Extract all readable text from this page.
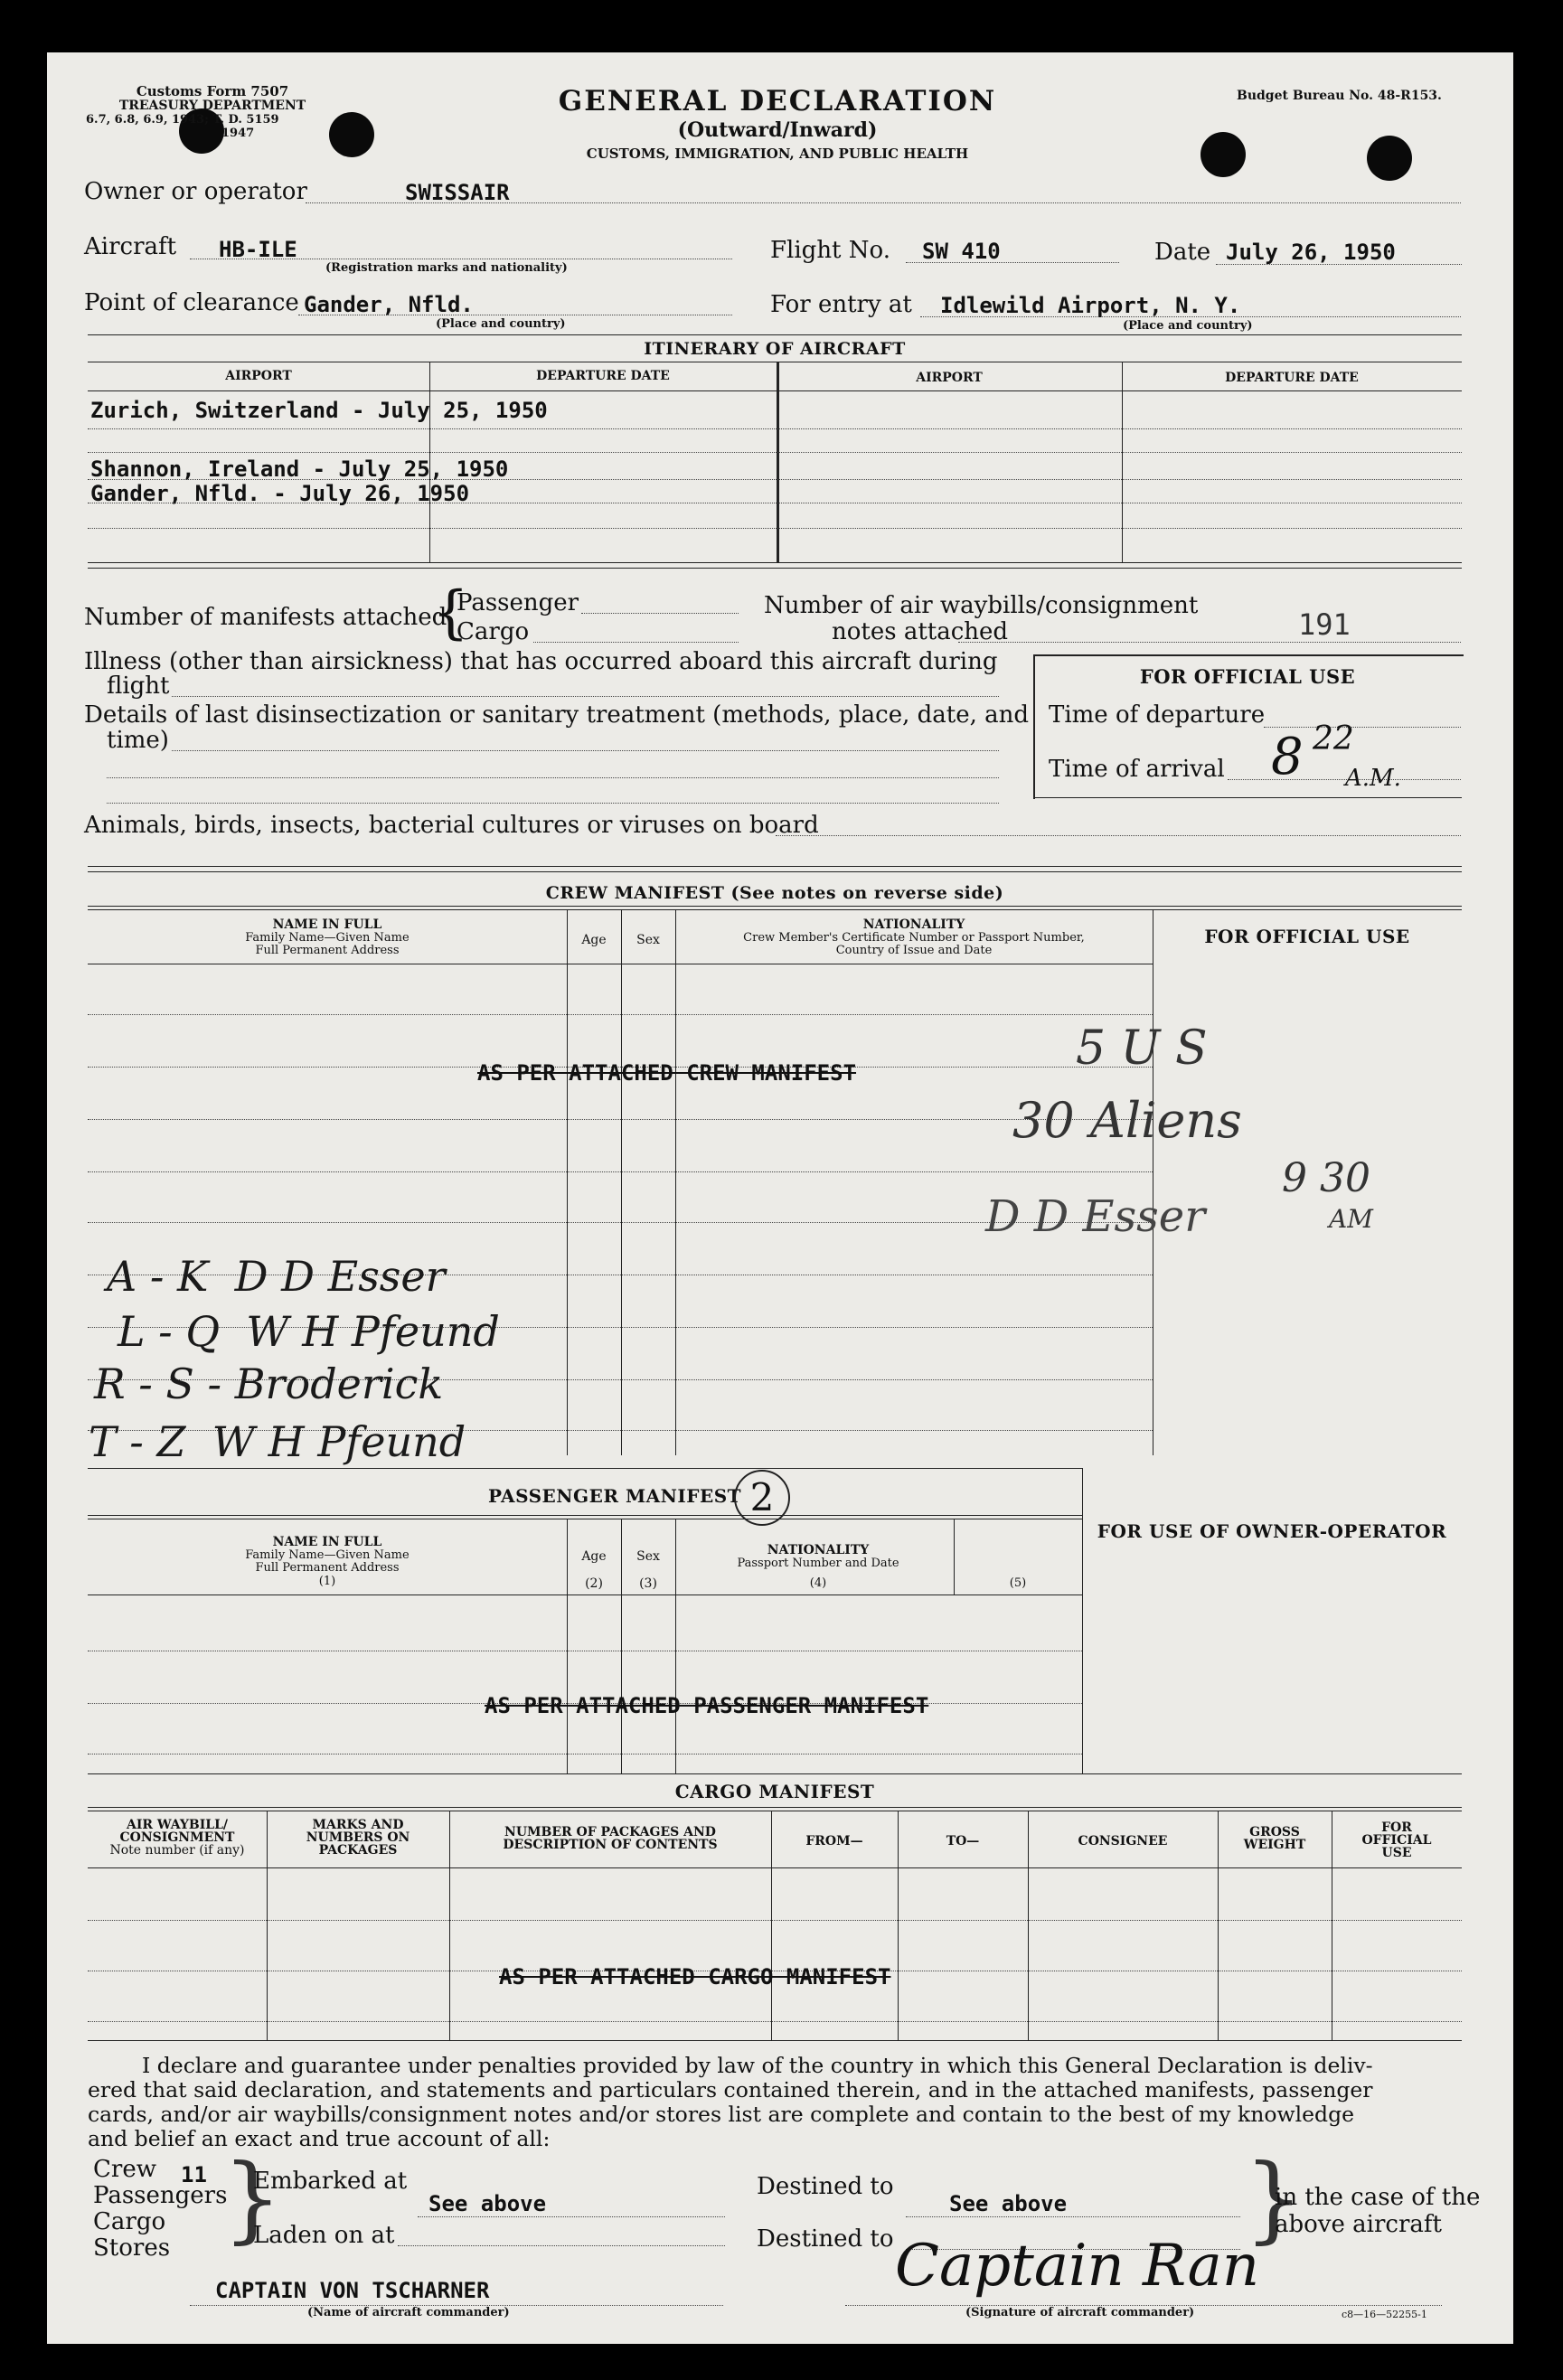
Customs Form 7507
TREASURY DEPARTMENT
6.7, 6.8, 6.9, 1943; T. D. 5159
1947
GENERAL DECLARATION
(Outward/Inward)
CUSTOMS, IMMIGRATION, AND PUBLIC HEALTH
Budget Bureau No. 48-R153.
Owner or operator	SWISSAIR
Aircraft HB-ILE
(Registration marks and nationality)
Flight No. SW 410	Date July 26, 1950
Point of clearance Gander, Nfld.
(Place and country)
For entry at Idlewild Airport, N. Y.
(Place and country)
ITINERARY OF AIRCRAFT
AIRPORT	DEPARTURE DATE	AIRPORT	DEPARTURE DATE
Zurich, Switzerland - July 25, 1950
Shannon, Ireland - July 25, 1950
Gander, Nfld. - July 26, 1950
Number of manifests attached
{
Passenger
Cargo
Number of air waybills/consignment
notes attached	191
Illness (other than airsickness) that has occurred aboard this aircraft during
flight
Details of last disinsectization or sanitary treatment (methods, place, date, and
time)
Animals, birds, insects, bacterial cultures or viruses on board
FOR OFFICIAL USE
Time of departure
Time of arrival 8 22
A.M.
CREW MANIFEST (See notes on reverse side)
NAME IN FULL
Family Name—Given Name
Full Permanent Address
Age	Sex
NATIONALITY
Crew Member's Certificate Number or Passport Number,
Country of Issue and Date
FOR OFFICIAL USE
AS PER ATTACHED CREW MANIFEST	5 U S
30 Aliens
D D Esser
9 30
AM
A - K  D D Esser
L - Q  W H Pfeund
R - S - Broderick
T - Z  W H Pfeund
PASSENGER MANIFEST 2
FOR USE OF OWNER-OPERATOR
NAME IN FULL
Family Name—Given Name
Full Permanent Address
(1)
Age
(2)
Sex
(3)
NATIONALITY
Passport Number and Date
(4)	(5)
AS PER ATTACHED PASSENGER MANIFEST
CARGO MANIFEST
AIR WAYBILL/
CONSIGNMENT
Note number (if any)
MARKS AND
NUMBERS ON
PACKAGES
NUMBER OF PACKAGES AND
DESCRIPTION OF CONTENTS	FROM—	TO—	CONSIGNEE
GROSS
WEIGHT
FOR
OFFICIAL
USE
AS PER ATTACHED CARGO MANIFEST
I declare and guarantee under penalties provided by law of the country in which this General Declaration is deliv-
ered that said declaration, and statements and particulars contained therein, and in the attached manifests, passenger
cards, and/or air waybills/consignment notes and/or stores list are complete and contain to the best of my knowledge
and belief an exact and true account of all:
Crew
Passengers
Cargo
Stores
11 }
Embarked at
Laden on at
See above
Destined to
Destined to
See above }
in the case of the
above aircraft
CAPTAIN VON TSCHARNER
(Name of aircraft commander)
Captain Ran
(Signature of aircraft commander)	c8—16—52255-1
